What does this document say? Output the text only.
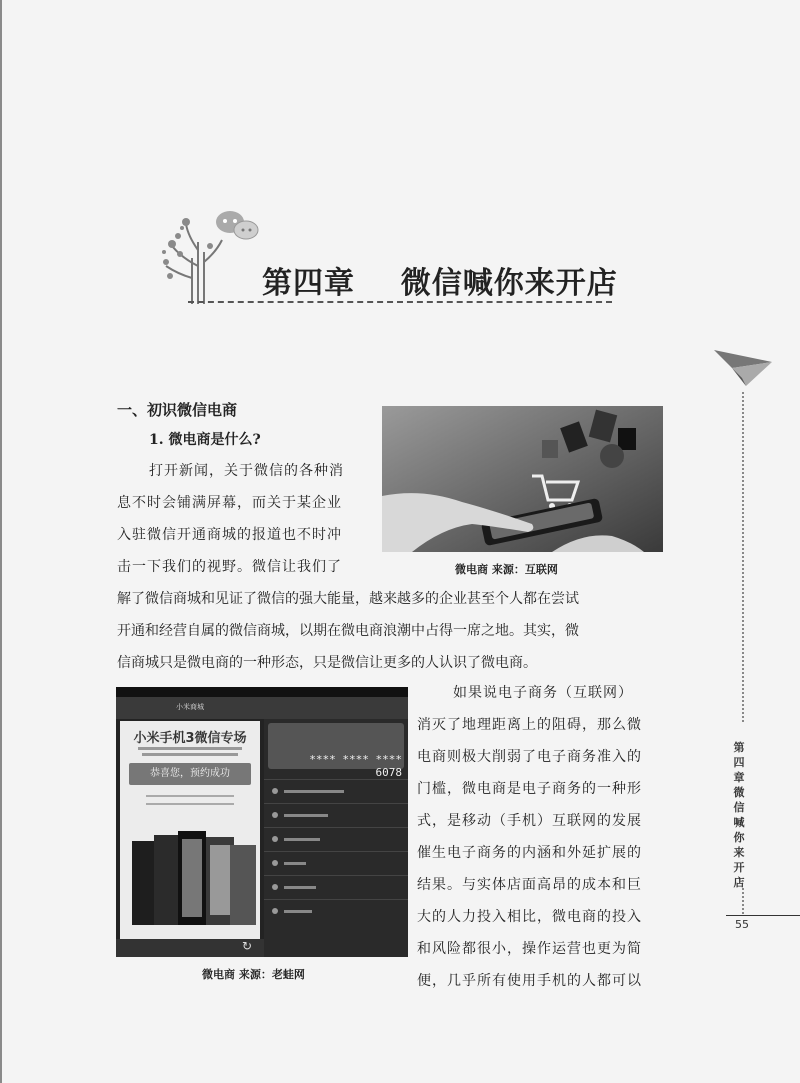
第四章    微信喊你来开店
第四章 微信喊你来开店
55
一、初识微信电商
1. 微电商是什么?
微电商 来源：互联网
打开新闻，关于微信的各种消
息不时会铺满屏幕，而关于某企业
入驻微信开通商城的报道也不时冲
击一下我们的视野。微信让我们了
解了微信商城和见证了微信的强大能量，越来越多的企业甚至个人都在尝试
开通和经营自属的微信商城，以期在微电商浪潮中占得一席之地。其实，微
信商城只是微电商的一种形态，只是微信让更多的人认识了微电商。
小米商城
小米手机3微信专场
恭喜您，预约成功
↻
**** **** **** 6078
微电商 来源：老蛙网
如果说电子商务（互联网）
消灭了地理距离上的阻碍，那么微
电商则极大削弱了电子商务准入的
门槛，微电商是电子商务的一种形
式，是移动（手机）互联网的发展
催生电子商务的内涵和外延扩展的
结果。与实体店面高昂的成本和巨
大的人力投入相比，微电商的投入
和风险都很小，操作运营也更为简
便，几乎所有使用手机的人都可以
